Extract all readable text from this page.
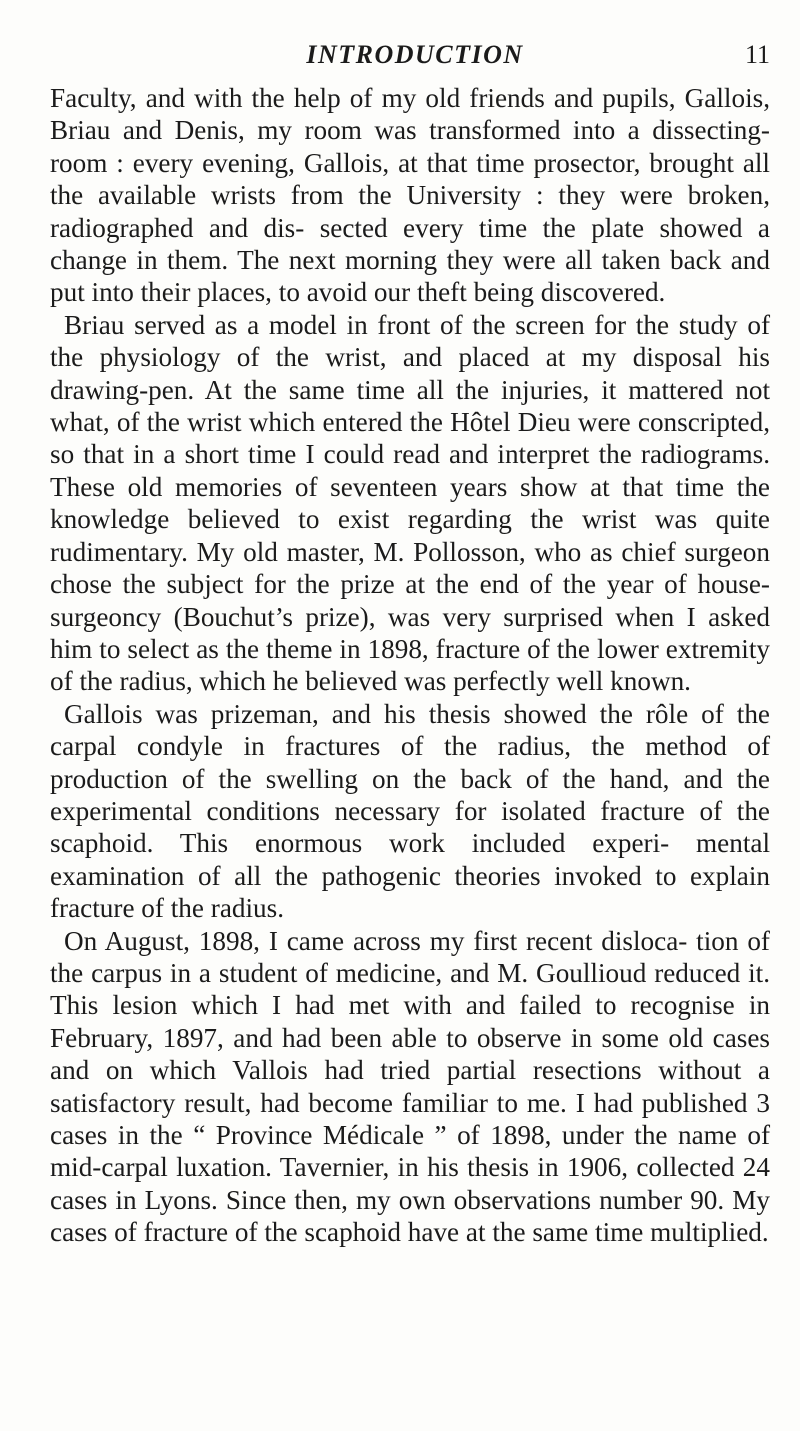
INTRODUCTION	11

Faculty, and with the help of my old friends and pupils, Gallois, Briau and Denis, my room was transformed into a dissecting-room : every evening, Gallois, at that time prosector, brought all the available wrists from the University : they were broken, radiographed and dis- sected every time the plate showed a change in them. The next morning they were all taken back and put into their places, to avoid our theft being discovered.

Briau served as a model in front of the screen for the study of the physiology of the wrist, and placed at my disposal his drawing-pen. At the same time all the injuries, it mattered not what, of the wrist which entered the Hôtel Dieu were conscripted, so that in a short time I could read and interpret the radiograms. These old memories of seventeen years show at that time the knowledge believed to exist regarding the wrist was quite rudimentary. My old master, M. Pollosson, who as chief surgeon chose the subject for the prize at the end of the year of house- surgeoncy (Bouchut’s prize), was very surprised when I asked him to select as the theme in 1898, fracture of the lower extremity of the radius, which he believed was perfectly well known.

Gallois was prizeman, and his thesis showed the rôle of the carpal condyle in fractures of the radius, the method of production of the swelling on the back of the hand, and the experimental conditions necessary for isolated fracture of the scaphoid. This enormous work included experi- mental examination of all the pathogenic theories invoked to explain fracture of the radius.

On August, 1898, I came across my first recent disloca- tion of the carpus in a student of medicine, and M. Goullioud reduced it. This lesion which I had met with and failed to recognise in February, 1897, and had been able to observe in some old cases and on which Vallois had tried partial resections without a satisfactory result, had become familiar to me. I had published 3 cases in the “ Province Médicale ” of 1898, under the name of mid-carpal luxation. Tavernier, in his thesis in 1906, collected 24 cases in Lyons. Since then, my own observations number 90. My cases of fracture of the scaphoid have at the same time multiplied.
